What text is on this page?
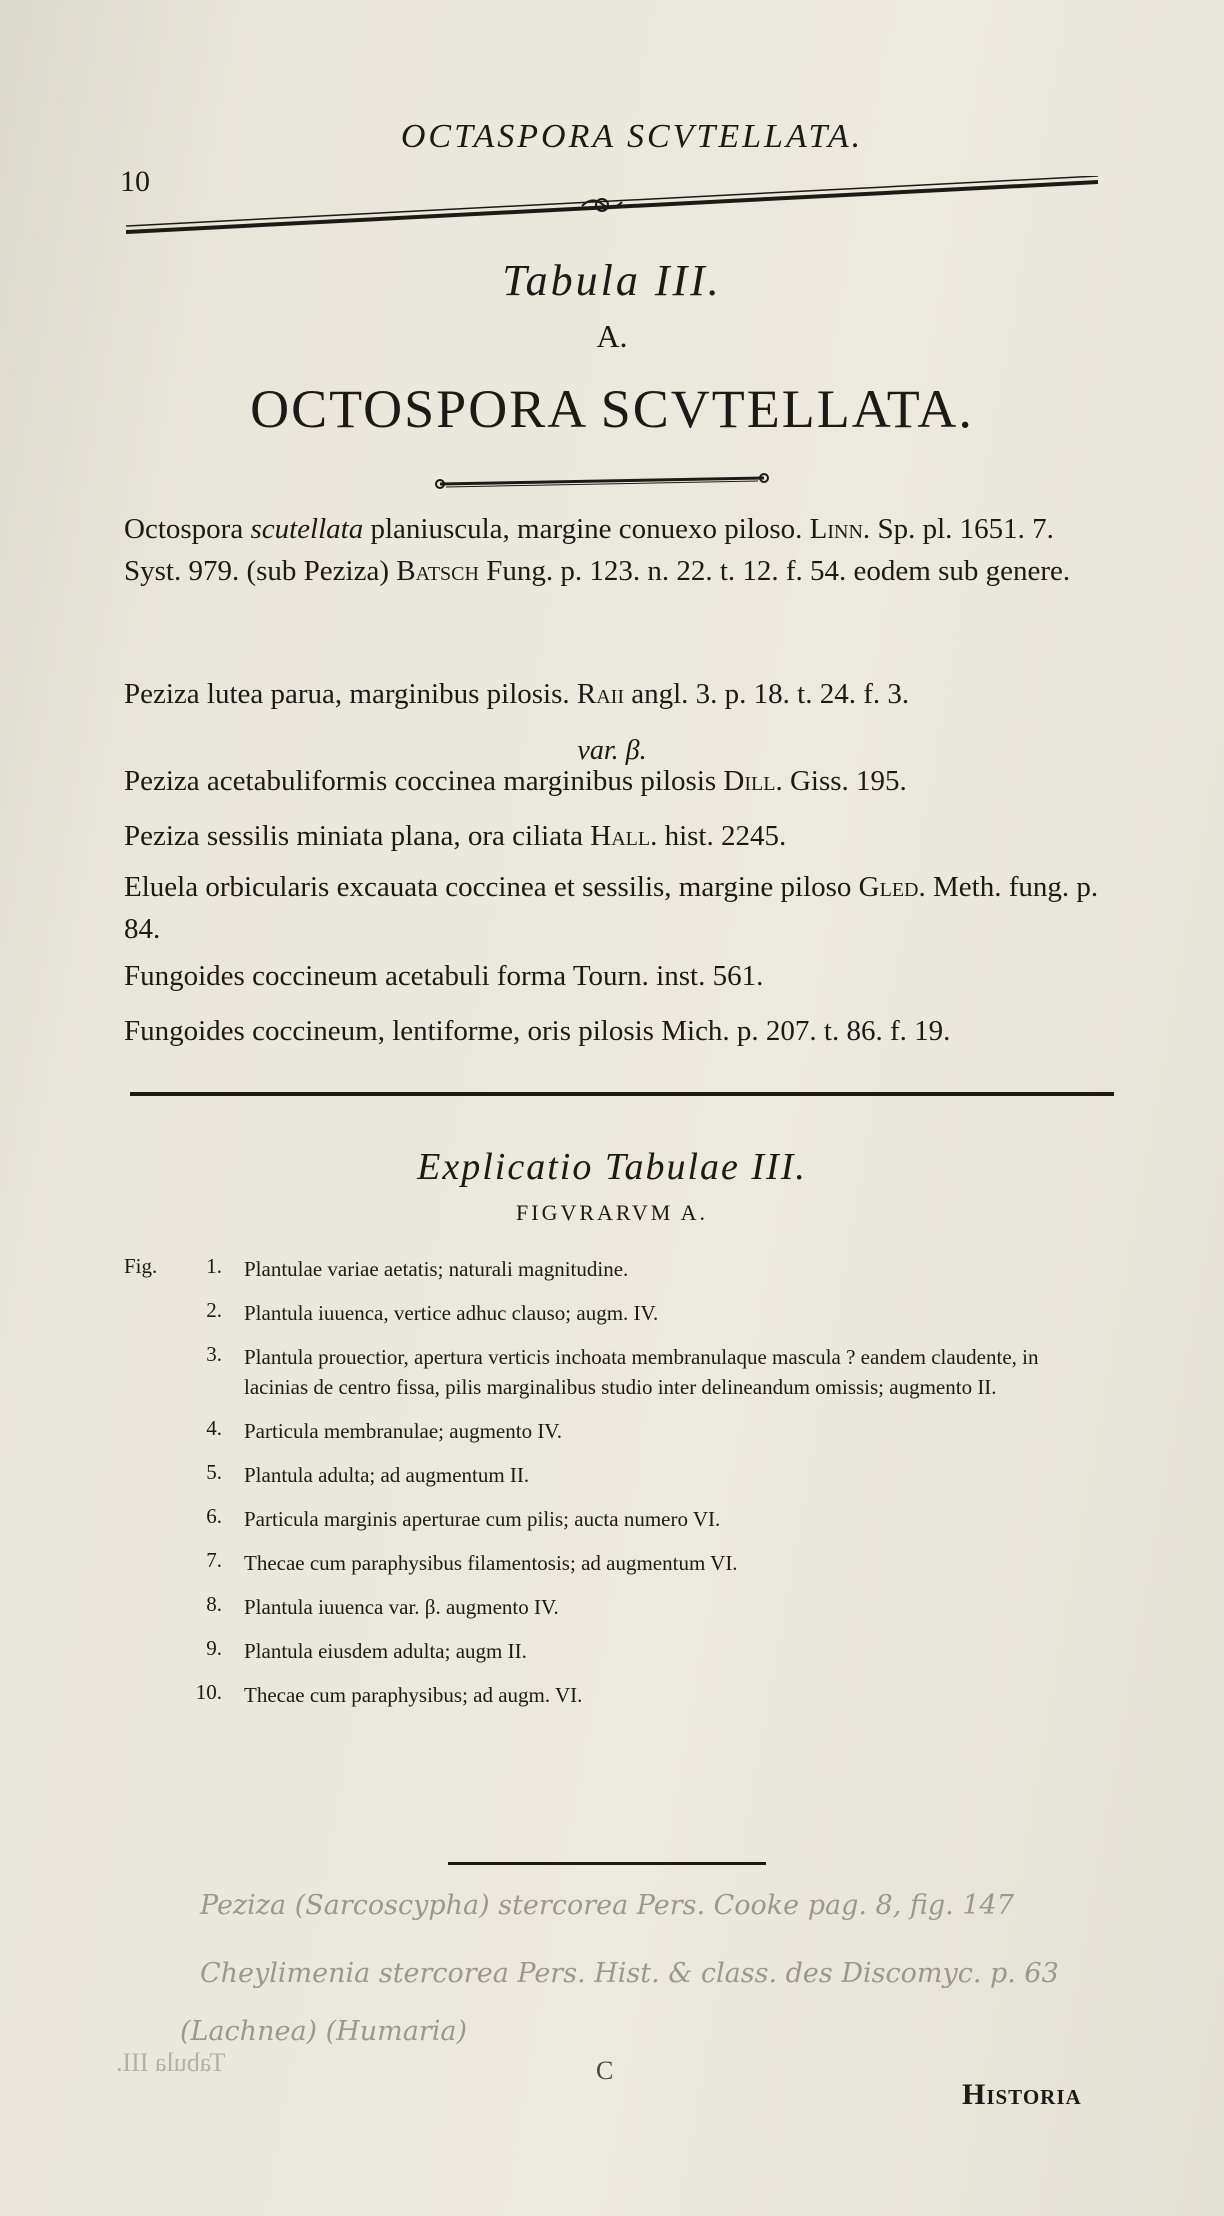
10
OCTASPORA SCVTELLATA.
Tabula III.
A.
OCTOSPORA SCVTELLATA.
Octospora scutellata planiuscula, margine conuexo piloso. Linn. Sp. pl. 1651. 7. Syst. 979. (sub Peziza) Batsch Fung. p. 123. n. 22. t. 12. f. 54. eodem sub genere.
Peziza lutea parua, marginibus pilosis. Raii angl. 3. p. 18. t. 24. f. 3.
var. β.
Peziza acetabuliformis coccinea marginibus pilosis Dill. Giss. 195.
Peziza sessilis miniata plana, ora ciliata Hall. hist. 2245.
Eluela orbicularis excauata coccinea et sessilis, margine piloso Gled. Meth. fung. p. 84.
Fungoides coccineum acetabuli forma Tourn. inst. 561.
Fungoides coccineum, lentiforme, oris pilosis Mich. p. 207. t. 86. f. 19.
Explicatio Tabulae III.
FIGVRARVM A.
Fig.	1.	Plantulae variae aetatis; naturali magnitudine.
2.	Plantula iuuenca, vertice adhuc clauso; augm. IV.
3.	Plantula prouectior, apertura verticis inchoata membranulaque mascula ? eandem claudente, in lacinias de centro fissa, pilis marginalibus studio inter delineandum omissis; augmento II.
4.	Particula membranulae; augmento IV.
5.	Plantula adulta; ad augmentum II.
6.	Particula marginis aperturae cum pilis; aucta numero VI.
7.	Thecae cum paraphysibus filamentosis; ad augmentum VI.
8.	Plantula iuuenca var. β. augmento IV.
9.	Plantula eiusdem adulta; augm II.
10.	Thecae cum paraphysibus; ad augm. VI.
Peziza (Sarcoscypha) stercorea Pers. Cooke pag. 8, fig. 147
Cheylimenia stercorea Pers. Hist. & class. des Discomyc. p. 63
(Lachnea) (Humaria)
Tabula III.	C
Historia
